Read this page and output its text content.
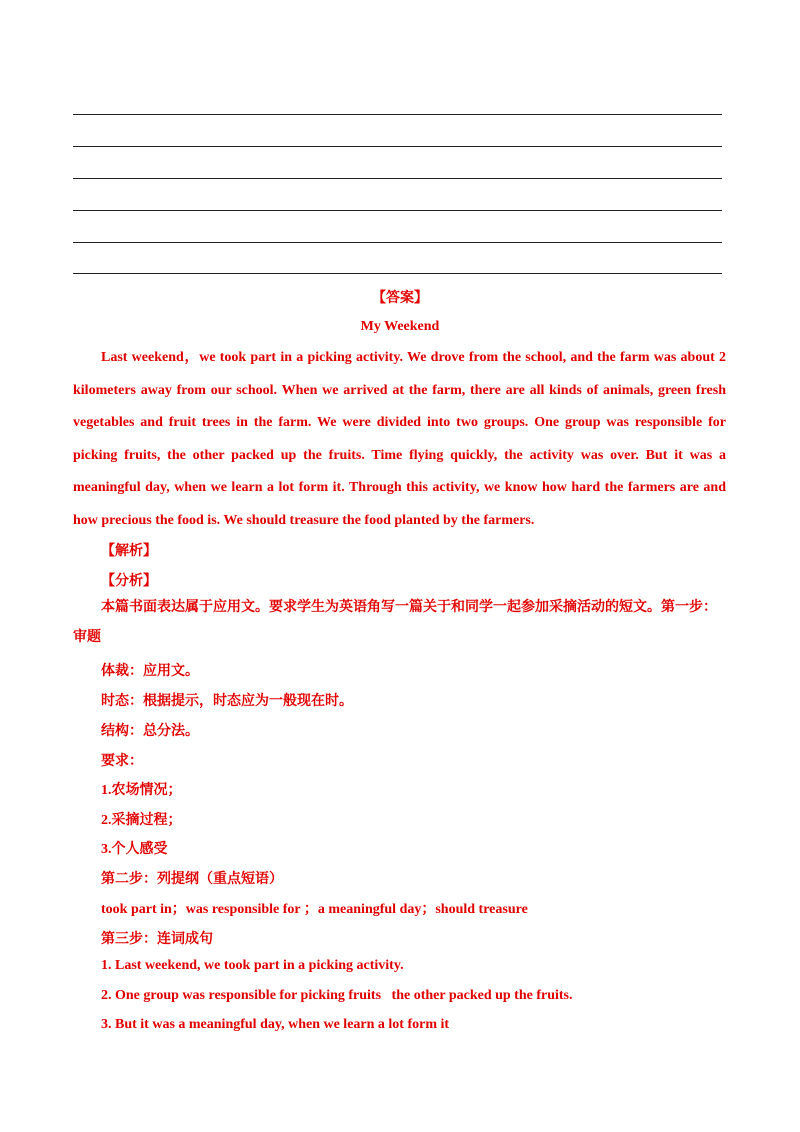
【答案】
My Weekend

Last weekend，we took part in a picking activity. We drove from the school, and the farm was about 2 kilometers away from our school. When we arrived at the farm, there are all kinds of animals, green fresh vegetables and fruit trees in the farm. We were divided into two groups. One group was responsible for picking fruits, the other packed up the fruits. Time flying quickly, the activity was over. But it was a meaningful day, when we learn a lot form it. Through this activity, we know how hard the farmers are and how precious the food is. We should treasure the food planted by the farmers.

【解析】
【分析】

本篇书面表达属于应用文。要求学生为英语角写一篇关于和同学一起参加采摘活动的短文。第一步：审题

体裁：应用文。
时态：根据提示，时态应为一般现在时。
结构：总分法。
要求：
1.农场情况；
2.采摘过程；
3.个人感受
第二步：列提纲（重点短语）
took part in；was responsible for ；a meaningful day；should treasure
第三步：连词成句
1. Last weekend, we took part in a picking activity.
2. One group was responsible for picking fruits   the other packed up the fruits.
3. But it was a meaningful day, when we learn a lot form it
